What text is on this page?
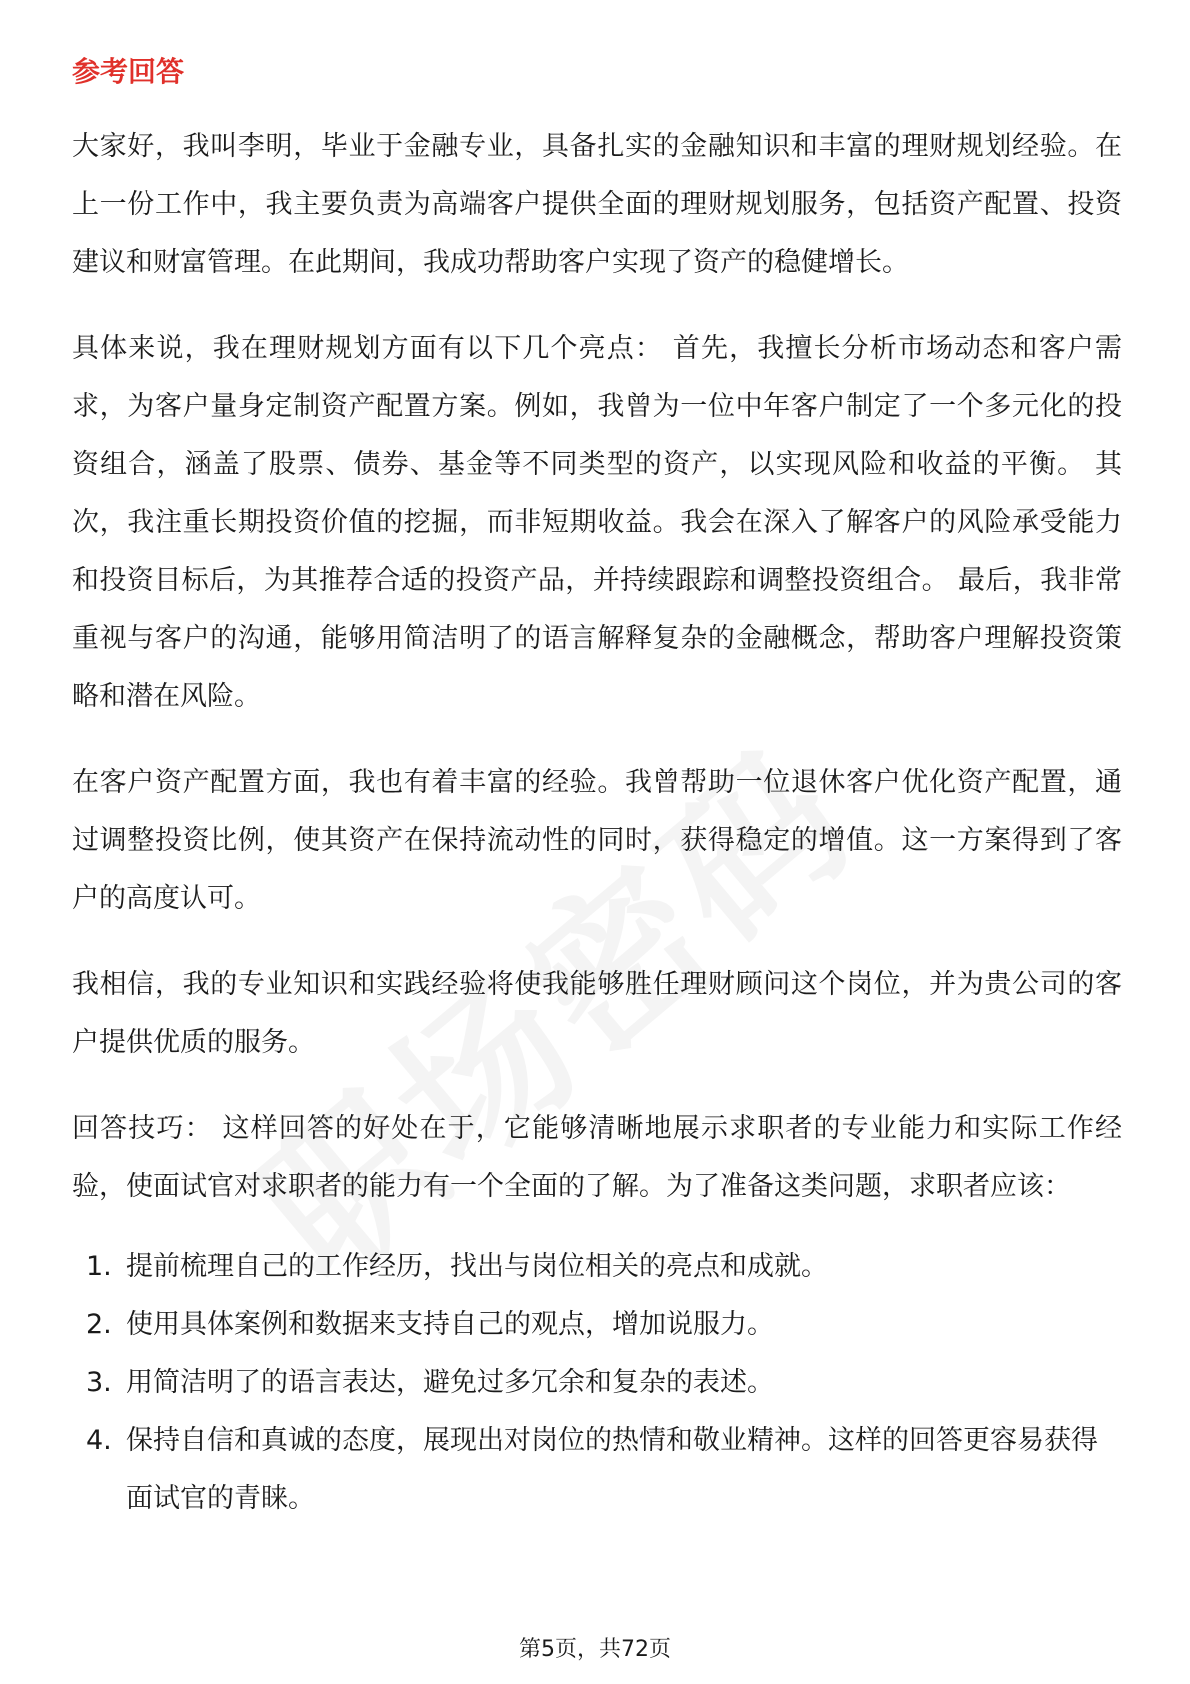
参考回答

大家好，我叫李明，毕业于金融专业，具备扎实的金融知识和丰富的理财规划经验。在上一份工作中，我主要负责为高端客户提供全面的理财规划服务，包括资产配置、投资建议和财富管理。在此期间，我成功帮助客户实现了资产的稳健增长。

具体来说，我在理财规划方面有以下几个亮点： 首先，我擅长分析市场动态和客户需求，为客户量身定制资产配置方案。例如，我曾为一位中年客户制定了一个多元化的投资组合，涵盖了股票、债券、基金等不同类型的资产，以实现风险和收益的平衡。 其次，我注重长期投资价值的挖掘，而非短期收益。我会在深入了解客户的风险承受能力和投资目标后，为其推荐合适的投资产品，并持续跟踪和调整投资组合。 最后，我非常重视与客户的沟通，能够用简洁明了的语言解释复杂的金融概念，帮助客户理解投资策略和潜在风险。

在客户资产配置方面，我也有着丰富的经验。我曾帮助一位退休客户优化资产配置，通过调整投资比例，使其资产在保持流动性的同时，获得稳定的增值。这一方案得到了客户的高度认可。

我相信，我的专业知识和实践经验将使我能够胜任理财顾问这个岗位，并为贵公司的客户提供优质的服务。

回答技巧： 这样回答的好处在于，它能够清晰地展示求职者的专业能力和实际工作经验，使面试官对求职者的能力有一个全面的了解。为了准备这类问题，求职者应该：

1. 提前梳理自己的工作经历，找出与岗位相关的亮点和成就。
2. 使用具体案例和数据来支持自己的观点，增加说服力。
3. 用简洁明了的语言表达，避免过多冗余和复杂的表述。
4. 保持自信和真诚的态度，展现出对岗位的热情和敬业精神。这样的回答更容易获得面试官的青睐。
第5页，共72页
